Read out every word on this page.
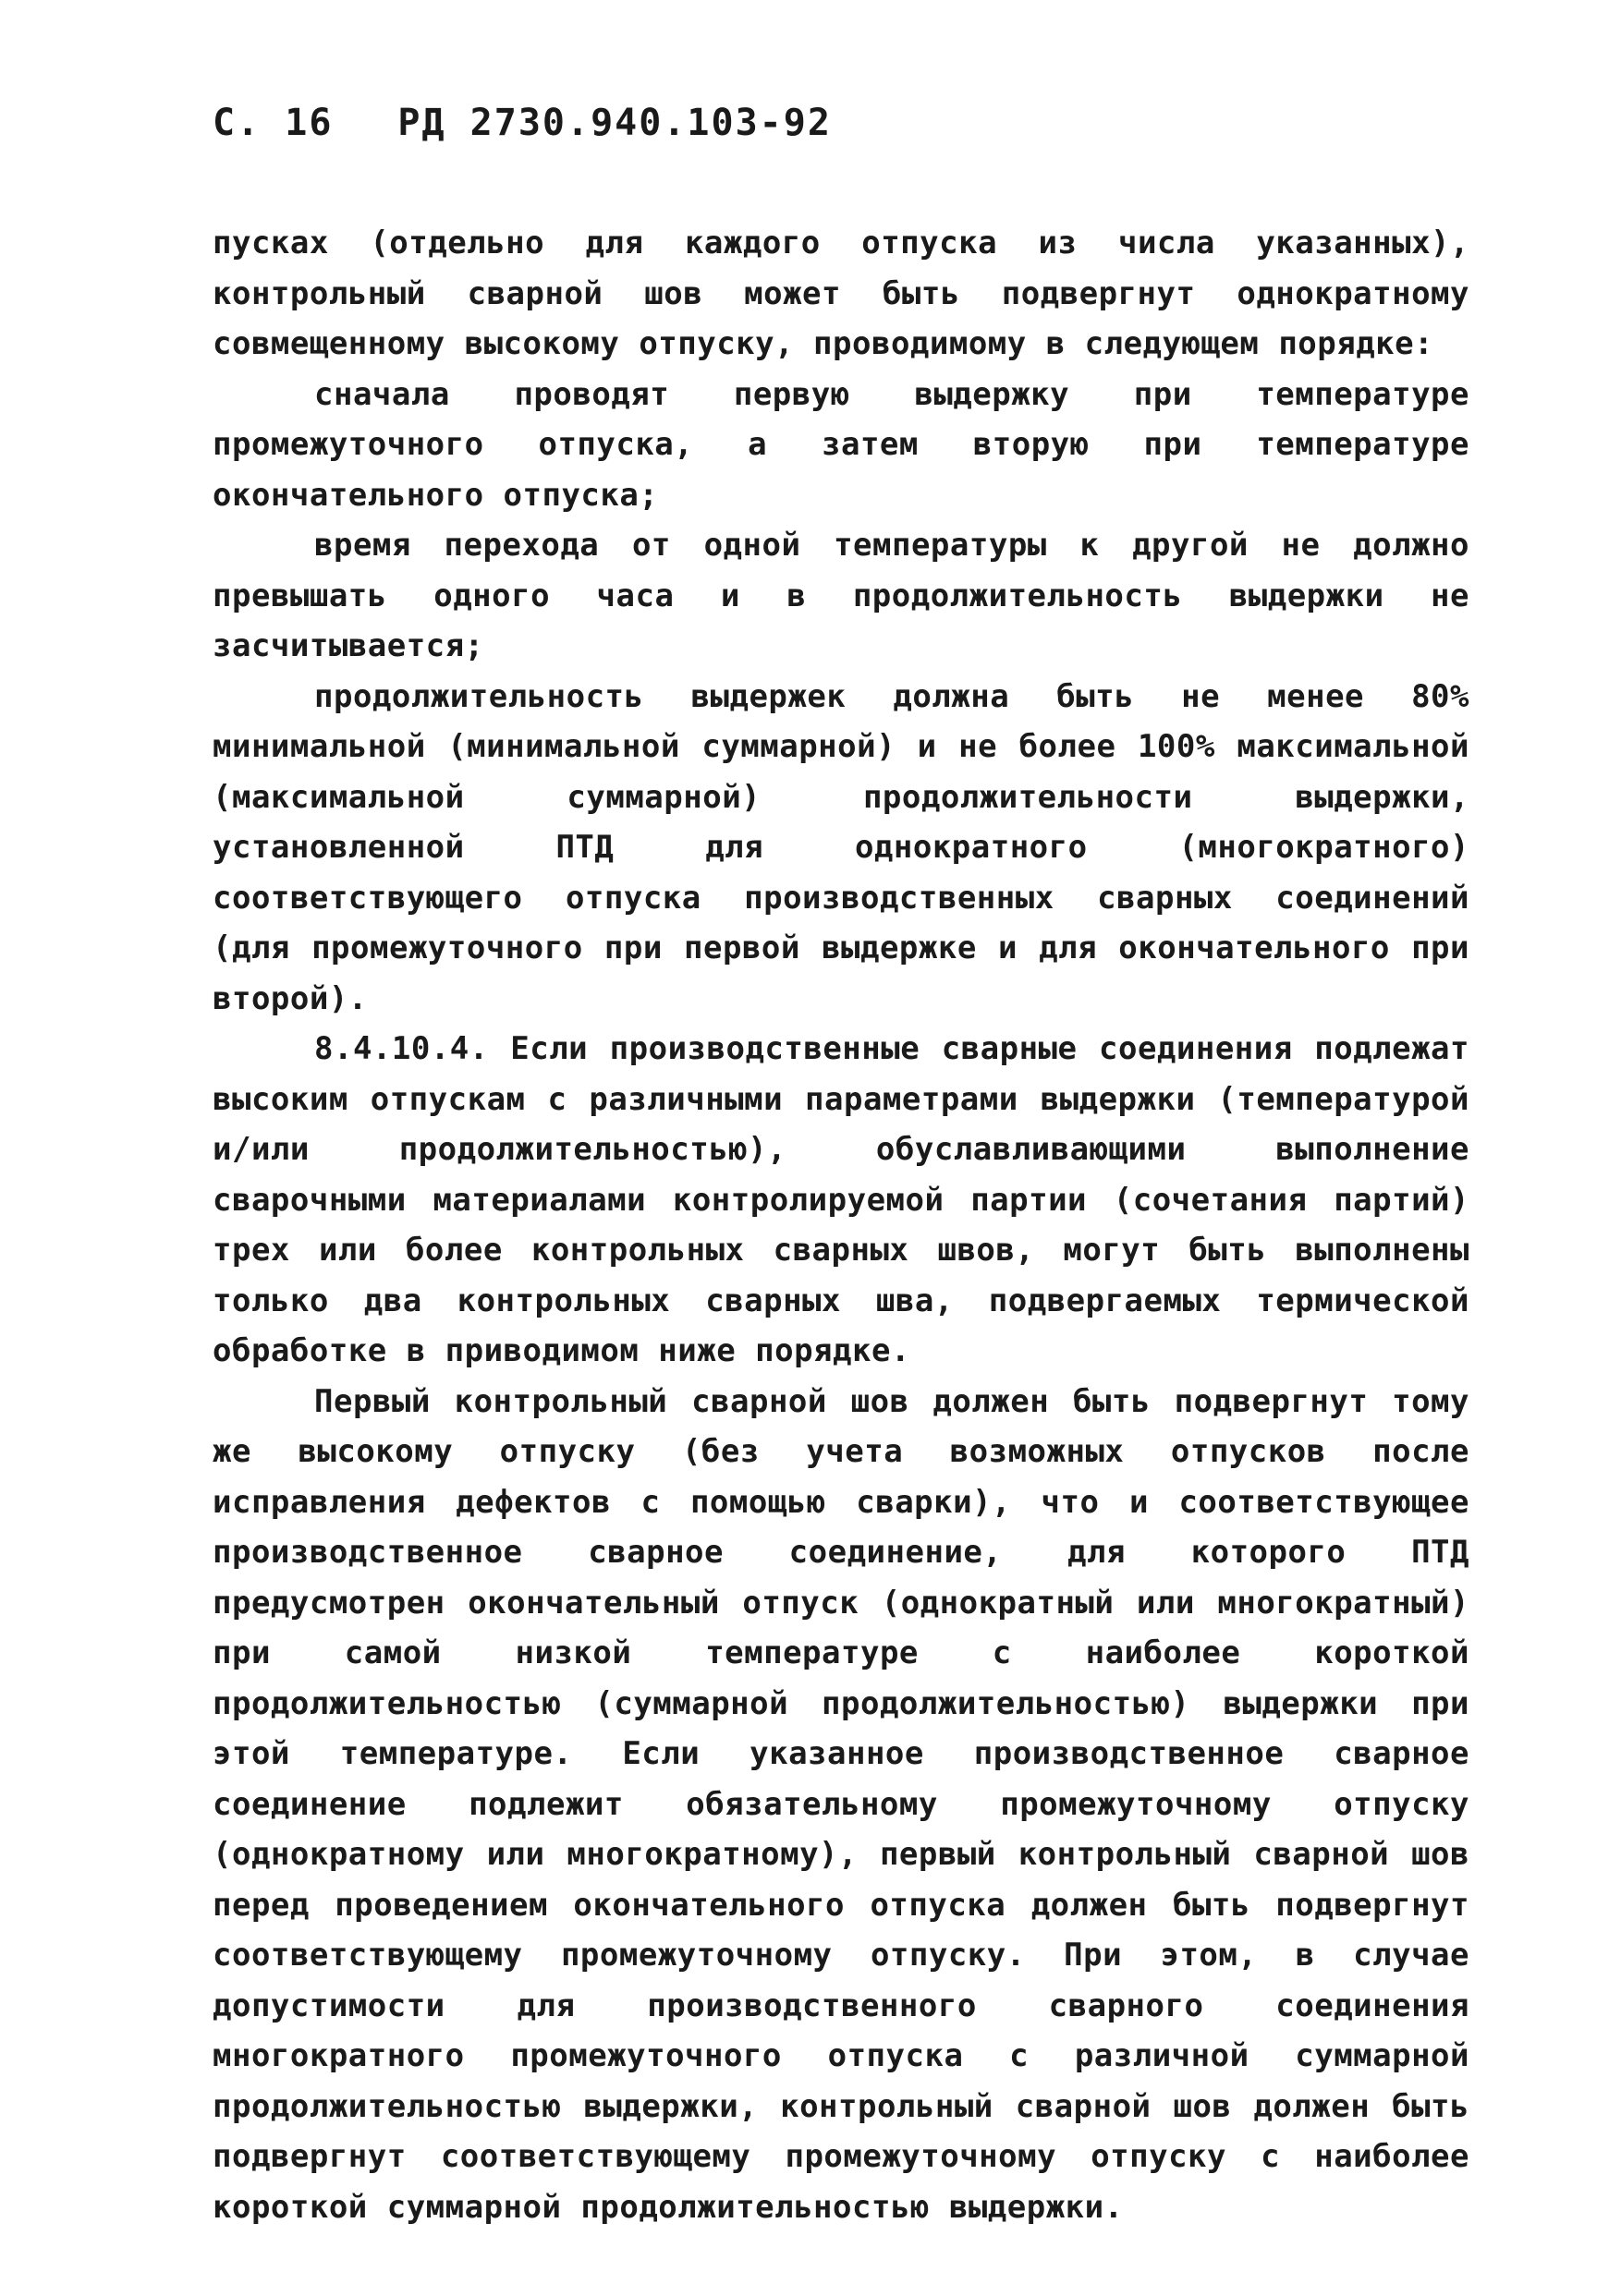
С. 16 РД 2730.940.103-92

пусках (отдельно для каждого отпуска из числа указанных), контрольный сварной шов может быть подвергнут однократному совмещенному высокому отпуску, проводимому в следующем порядке:

сначала проводят первую выдержку при температуре промежуточного отпуска, а затем вторую при температуре окончательного отпуска;

время перехода от одной температуры к другой не должно превышать одного часа и в продолжительность выдержки не засчитывается;

продолжительность выдержек должна быть не менее 80% минимальной (минимальной суммарной) и не более 100% максимальной (максимальной суммарной) продолжительности выдержки, установленной ПТД для однократного (многократного) соответствующего отпуска производственных сварных соединений (для промежуточного при первой выдержке и для окончательного при второй).

8.4.10.4. Если производственные сварные соединения подлежат высоким отпускам с различными параметрами выдержки (температурой и/или продолжительностью), обуславливающими выполнение сварочными материалами контролируемой партии (сочетания партий) трех или более контрольных сварных швов, могут быть выполнены только два контрольных сварных шва, подвергаемых термической обработке в приводимом ниже порядке.

Первый контрольный сварной шов должен быть подвергнут тому же высокому отпуску (без учета возможных отпусков после исправления дефектов с помощью сварки), что и соответствующее производственное сварное соединение, для которого ПТД предусмотрен окончательный отпуск (однократный или многократный) при самой низкой температуре с наиболее короткой продолжительностью (суммарной продолжительностью) выдержки при этой температуре. Если указанное производственное сварное соединение подлежит обязательному промежуточному отпуску (однократному или многократному), первый контрольный сварной шов перед проведением окончательного отпуска должен быть подвергнут соответствующему промежуточному отпуску. При этом, в случае допустимости для производственного сварного соединения многократного промежуточного отпуска с различной суммарной продолжительностью выдержки, контрольный сварной шов должен быть подвергнут соответствующему промежуточному отпуску с наиболее короткой суммарной продолжительностью выдержки.
